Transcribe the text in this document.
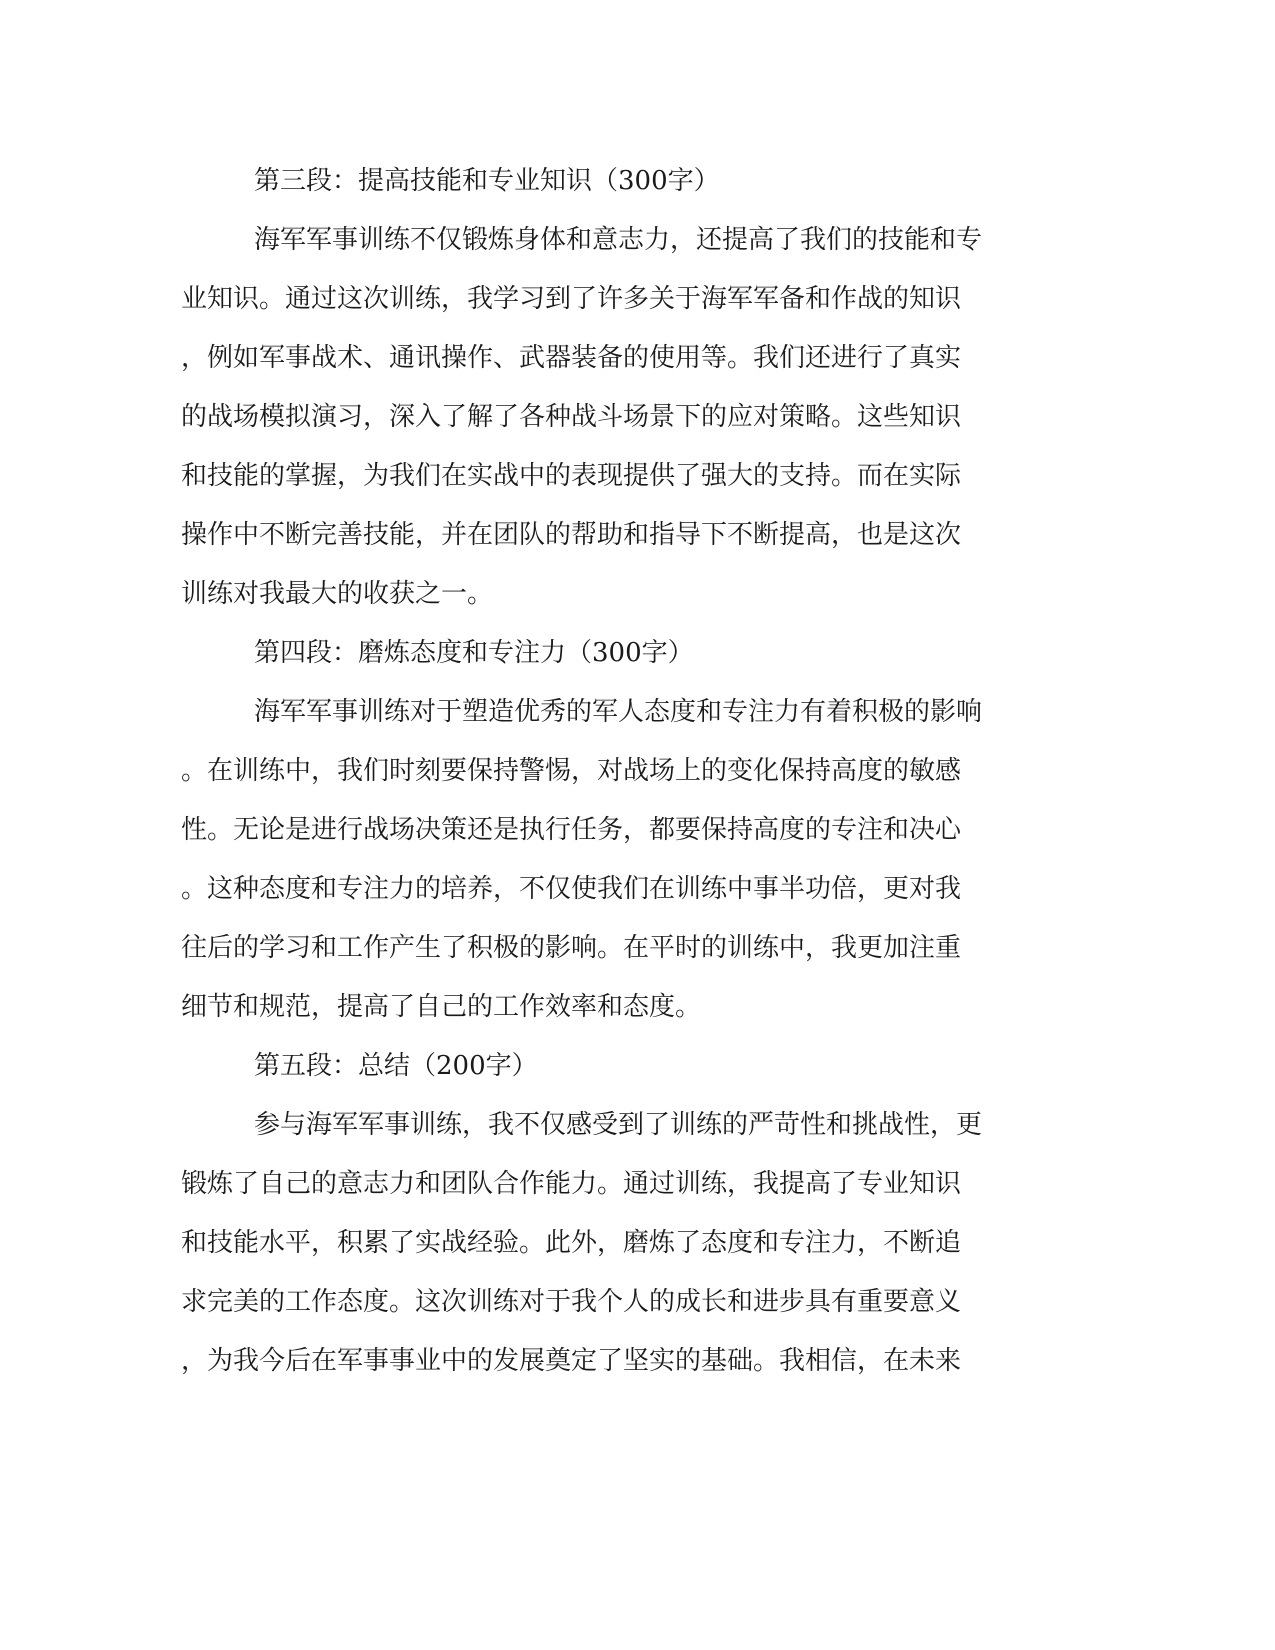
第三段：提高技能和专业知识（300字）
海军军事训练不仅锻炼身体和意志力，还提高了我们的技能和专
业知识。通过这次训练，我学习到了许多关于海军军备和作战的知识
，例如军事战术、通讯操作、武器装备的使用等。我们还进行了真实
的战场模拟演习，深入了解了各种战斗场景下的应对策略。这些知识
和技能的掌握，为我们在实战中的表现提供了强大的支持。而在实际
操作中不断完善技能，并在团队的帮助和指导下不断提高，也是这次
训练对我最大的收获之一。
第四段：磨炼态度和专注力（300字）
海军军事训练对于塑造优秀的军人态度和专注力有着积极的影响
。在训练中，我们时刻要保持警惕，对战场上的变化保持高度的敏感
性。无论是进行战场决策还是执行任务，都要保持高度的专注和决心
。这种态度和专注力的培养，不仅使我们在训练中事半功倍，更对我
往后的学习和工作产生了积极的影响。在平时的训练中，我更加注重
细节和规范，提高了自己的工作效率和态度。
第五段：总结（200字）
参与海军军事训练，我不仅感受到了训练的严苛性和挑战性，更
锻炼了自己的意志力和团队合作能力。通过训练，我提高了专业知识
和技能水平，积累了实战经验。此外，磨炼了态度和专注力，不断追
求完美的工作态度。这次训练对于我个人的成长和进步具有重要意义
，为我今后在军事事业中的发展奠定了坚实的基础。我相信，在未来
